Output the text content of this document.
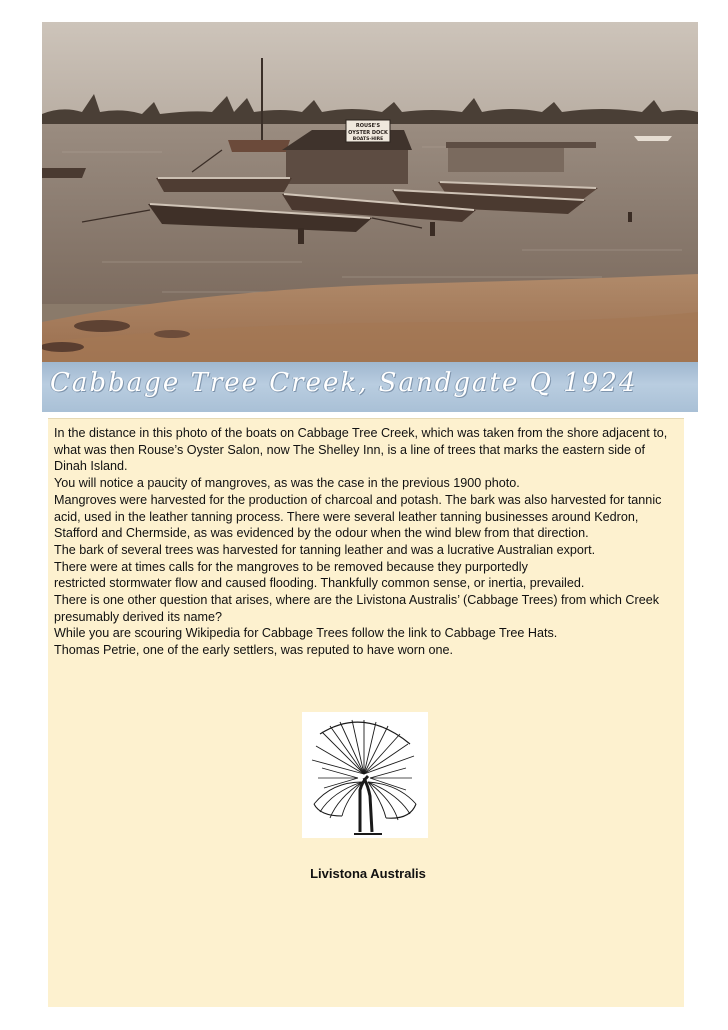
ROUSE'S
OYSTER DOCK
BOATS-HIRE
Cabbage Tree Creek, Sandgate Q 1924

In the distance in this photo of the boats on Cabbage Tree Creek, which was taken from the shore adjacent to, what was then Rouse’s Oyster Salon, now The Shelley Inn, is a line of trees that marks the eastern side of Dinah Island.

You will notice a paucity of mangroves, as was the case in the previous 1900 photo.

Mangroves were harvested for the production of charcoal and potash. The bark was also harvested for tannic acid, used in the leather tanning process. There were several leather tanning businesses around Kedron, Stafford and Chermside, as was evidenced by the odour when the wind blew from that direction.

The bark of several trees was harvested for tanning leather and was a lucrative Australian export.

There were at times calls for the mangroves to be removed because they purportedly

restricted stormwater flow and caused flooding. Thankfully common sense, or inertia, prevailed.

There is one other question that arises, where are the Livistona Australis’ (Cabbage Trees) from which Creek presumably derived its name?

While you are scouring Wikipedia for Cabbage Trees follow the link to Cabbage Tree Hats.

Thomas Petrie, one of the early settlers, was reputed to have worn one.

Livistona Australis
